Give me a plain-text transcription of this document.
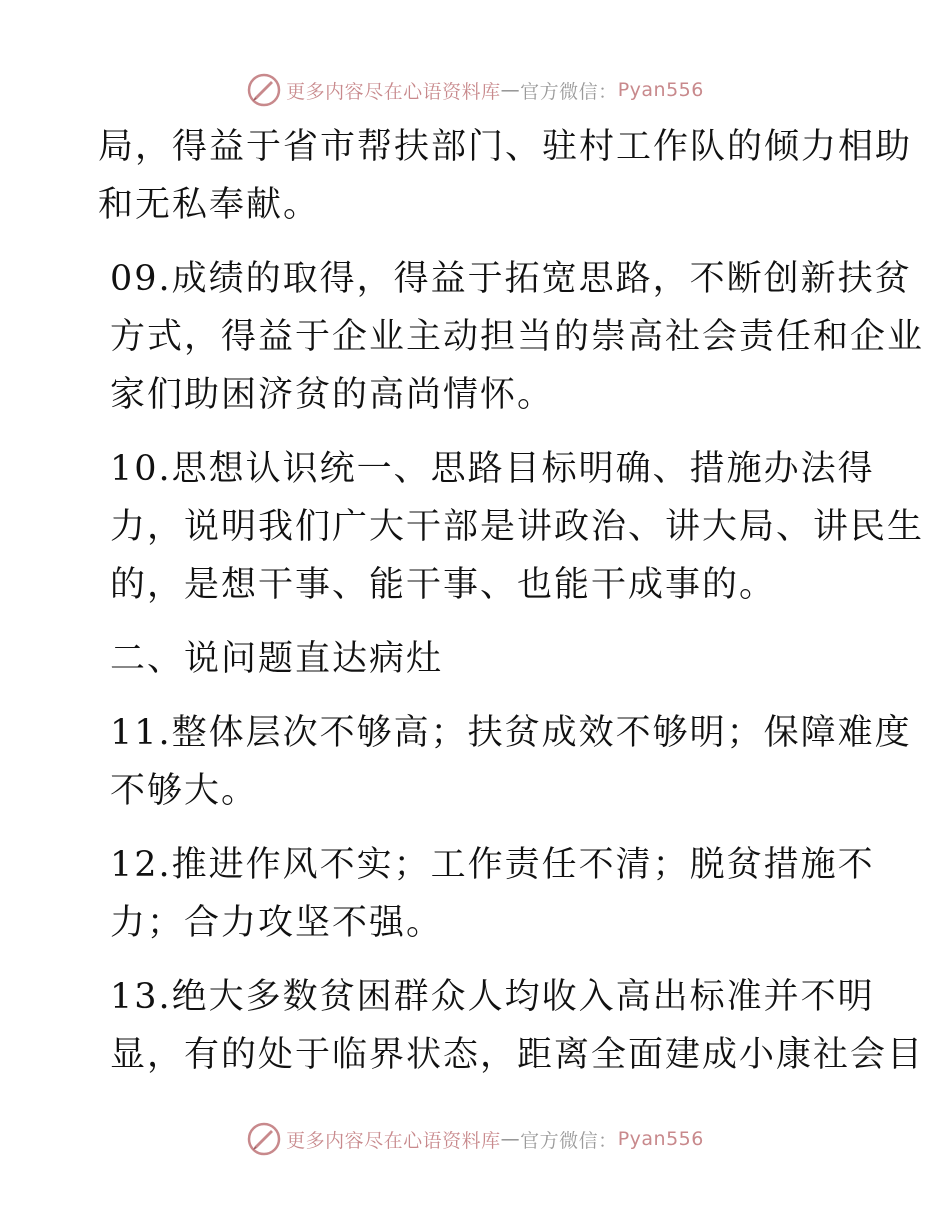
更多内容尽在心语资料库 — 官方微信： Pyan556
局，得益于省市帮扶部门、驻村工作队的倾力相助
和无私奉献。
09.成绩的取得，得益于拓宽思路，不断创新扶贫
方式，得益于企业主动担当的崇高社会责任和企业
家们助困济贫的高尚情怀。
10.思想认识统一、思路目标明确、措施办法得
力，说明我们广大干部是讲政治、讲大局、讲民生
的，是想干事、能干事、也能干成事的。
二、说问题直达病灶
11.整体层次不够高；扶贫成效不够明；保障难度
不够大。
12.推进作风不实；工作责任不清；脱贫措施不
力；合力攻坚不强。
13.绝大多数贫困群众人均收入高出标准并不明
显，有的处于临界状态，距离全面建成小康社会目
更多内容尽在心语资料库 — 官方微信： Pyan556
